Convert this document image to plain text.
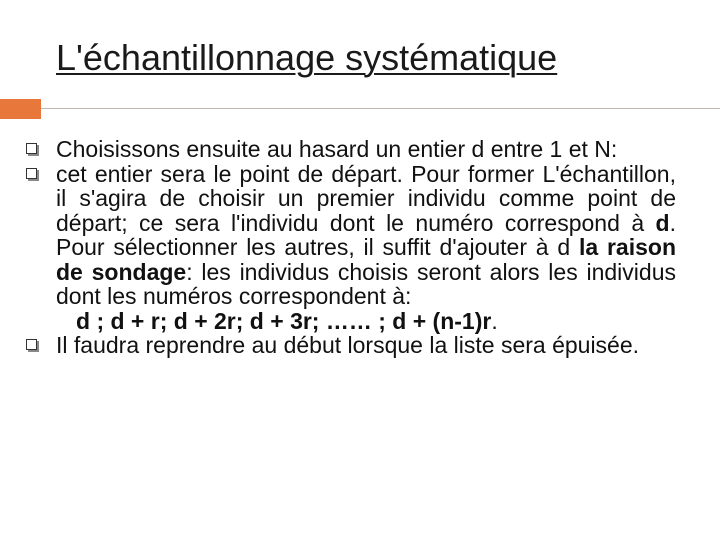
L'échantillonnage systématique
Choisissons ensuite au hasard un entier d entre 1 et N:
cet entier sera le point de départ. Pour former L'échantillon, il s'agira de choisir un premier individu comme point de départ; ce sera l'individu dont le numéro correspond à d. Pour sélectionner les autres, il suffit d'ajouter à d la raison de sondage: les individus choisis seront alors les individus dont les numéros correspondent à:
d ; d + r; d + 2r; d + 3r; …… ; d + (n-1)r.
Il faudra reprendre au début lorsque la liste sera épuisée.
